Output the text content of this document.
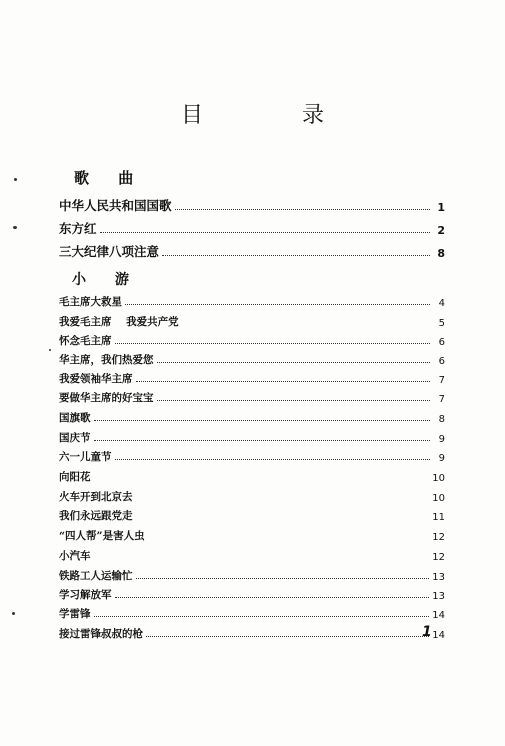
目 录
歌 曲
中华人民共和国国歌	1
东方红	2
三大纪律八项注意	8
小 游
毛主席大救星	4
我爱毛主席    我爱共产党	5
怀念毛主席	6
华主席，我们热爱您	6
我爱领袖华主席	7
要做华主席的好宝宝	7
国旗歌	8
国庆节	9
六一儿童节	9
向阳花	10
火车开到北京去	10
我们永远跟党走	11
“四人帮”是害人虫	12
小汽车	12
铁路工人运输忙	13
学习解放军	13
学雷锋	14
接过雷锋叔叔的枪	14
1
